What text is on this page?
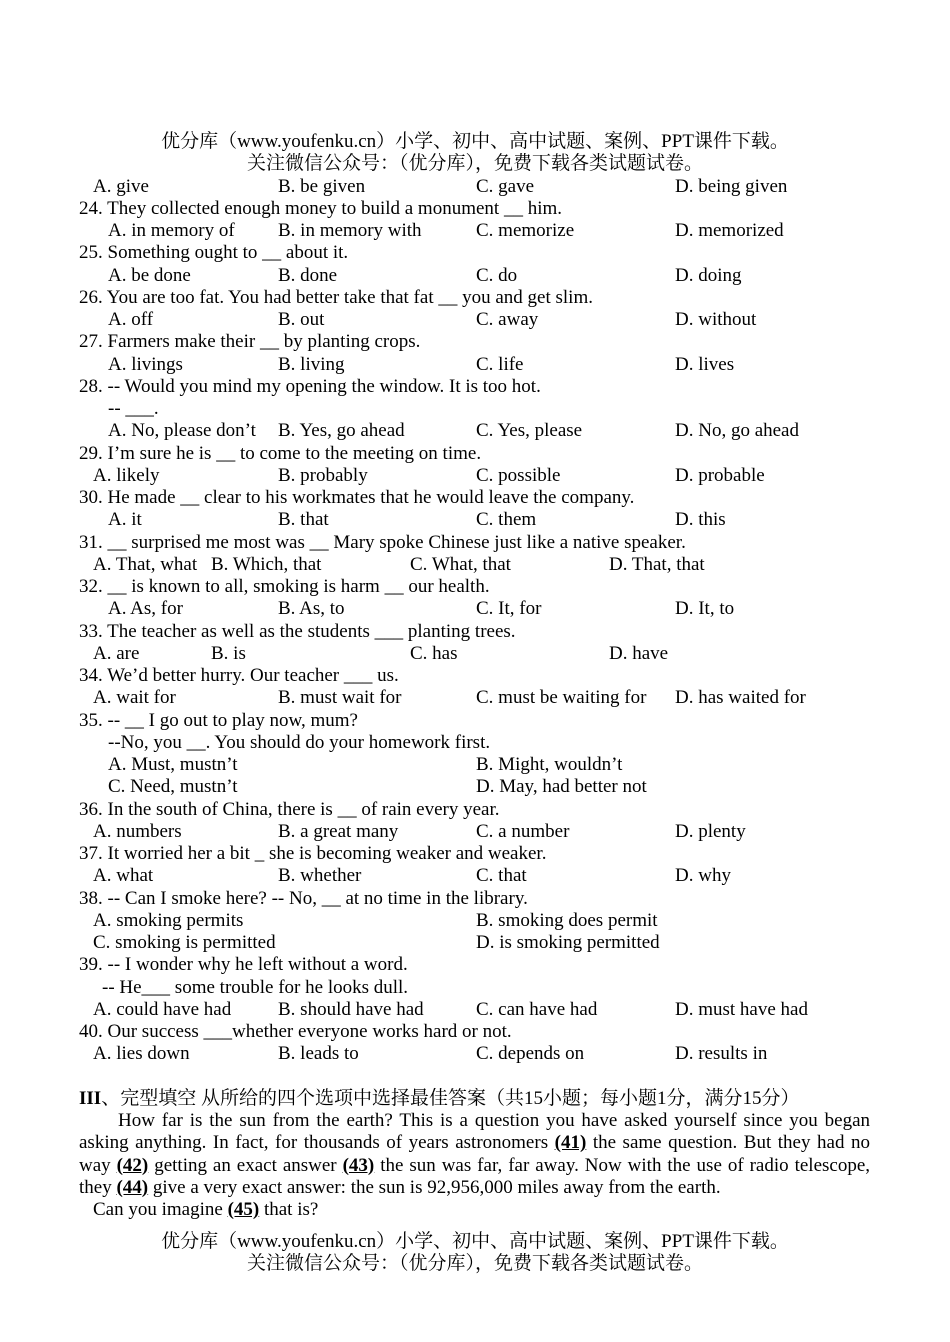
优分库（www.youfenku.cn）小学、初中、高中试题、案例、PPT课件下载。
关注微信公众号：（优分库），免费下载各类试题试卷。
A. give	B. be given	C. gave	D. being given
24. They collected enough money to build a monument __ him.
A. in memory of B. in memory with	C. memorize	D. memorized
25. Something ought to __ about it.
A. be done	B. done	C. do	D. doing
26. You are too fat. You had better take that fat __ you and get slim.
A. off	B. out	C. away	D. without
27. Farmers make their __ by planting crops.
A. livings	B. living	C. life	D. lives
28. -- Would you mind my opening the window. It is too hot.
-- ___.
A. No, please don’t B. Yes, go ahead	C. Yes, please	D. No, go ahead
29. I’m sure he is __ to come to the meeting on time.
A. likely	B. probably	C. possible	D. probable
30. He made __ clear to his workmates that he would leave the company.
A. it	B. that	C. them	D. this
31. __ surprised me most was __ Mary spoke Chinese just like a native speaker.
A. That, what B. Which, that	C. What, that	D. That, that
32. __ is known to all, smoking is harm __ our health.
A. As, for	B. As, to	C. It, for	D. It, to
33. The teacher as well as the students ___ planting trees.
A. are	B. is	C. has	D. have
34. We’d better hurry. Our teacher ___ us.
A. wait for	B. must wait for	C. must be waiting for D. has waited for
35. -- __ I go out to play now, mum?
--No, you __. You should do your homework first.
A. Must, mustn’t	B. Might, wouldn’t
C. Need, mustn’t	D. May, had better not
36. In the south of China, there is __ of rain every year.
A. numbers	B. a great many	C. a number	D. plenty
37. It worried her a bit _ she is becoming weaker and weaker.
A. what	B. whether	C. that	D. why
38. -- Can I smoke here? -- No, __ at no time in the library.
A. smoking permits	B. smoking does permit
C. smoking is permitted	D. is smoking permitted
39. -- I wonder why he left without a word.
-- He___ some trouble for he looks dull.
A. could have had B. should have had	C. can have had	D. must have had
40. Our success ___whether everyone works hard or not.
A. lies down	B. leads to	C. depends on	D. results in
III、完型填空 从所给的四个选项中选择最佳答案（共15小题；每小题1分，满分15分）
How far is the sun from the earth? This is a question you have asked yourself since you began asking anything. In fact, for thousands of years astronomers (41) the same question. But they had no way (42) getting an exact answer (43) the sun was far, far away. Now with the use of radio telescope, they (44) give a very exact answer: the sun is 92,956,000 miles away from the earth.
Can you imagine (45) that is?
优分库（www.youfenku.cn）小学、初中、高中试题、案例、PPT课件下载。
关注微信公众号：（优分库），免费下载各类试题试卷。
